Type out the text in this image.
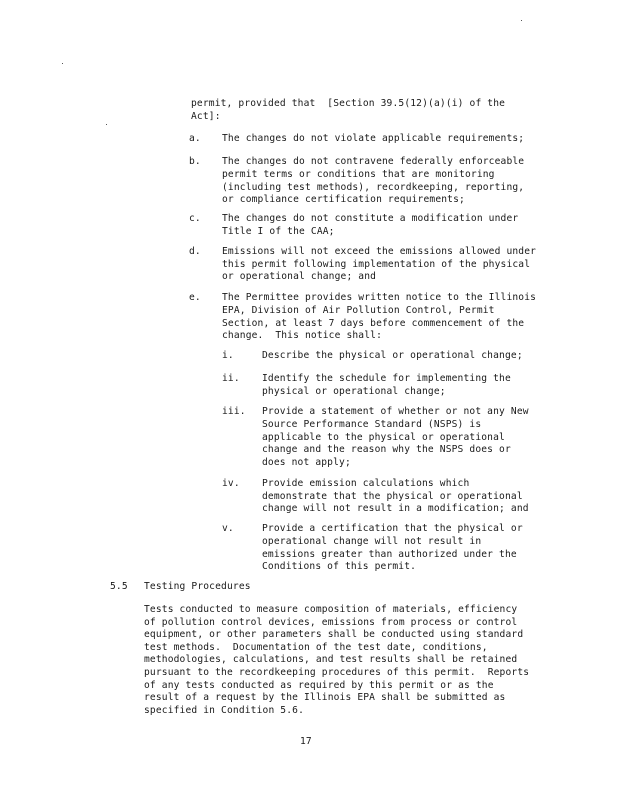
permit, provided that  [Section 39.5(12)(a)(i) of the
Act]:
a. The changes do not violate applicable requirements;
b. The changes do not contravene federally enforceable
permit terms or conditions that are monitoring
(including test methods), recordkeeping, reporting,
or compliance certification requirements;
c. The changes do not constitute a modification under
Title I of the CAA;
d. Emissions will not exceed the emissions allowed under
this permit following implementation of the physical
or operational change; and
e. The Permittee provides written notice to the Illinois
EPA, Division of Air Pollution Control, Permit
Section, at least 7 days before commencement of the
change.  This notice shall:
i.	Describe the physical or operational change;
ii. Identify the schedule for implementing the
physical or operational change;
iii. Provide a statement of whether or not any New
Source Performance Standard (NSPS) is
applicable to the physical or operational
change and the reason why the NSPS does or
does not apply;
iv. Provide emission calculations which
demonstrate that the physical or operational
change will not result in a modification; and
v.	Provide a certification that the physical or
operational change will not result in
emissions greater than authorized under the
Conditions of this permit.
5.5 Testing Procedures
Tests conducted to measure composition of materials, efficiency
of pollution control devices, emissions from process or control
equipment, or other parameters shall be conducted using standard
test methods.  Documentation of the test date, conditions,
methodologies, calculations, and test results shall be retained
pursuant to the recordkeeping procedures of this permit.  Reports
of any tests conducted as required by this permit or as the
result of a request by the Illinois EPA shall be submitted as
specified in Condition 5.6.
17
